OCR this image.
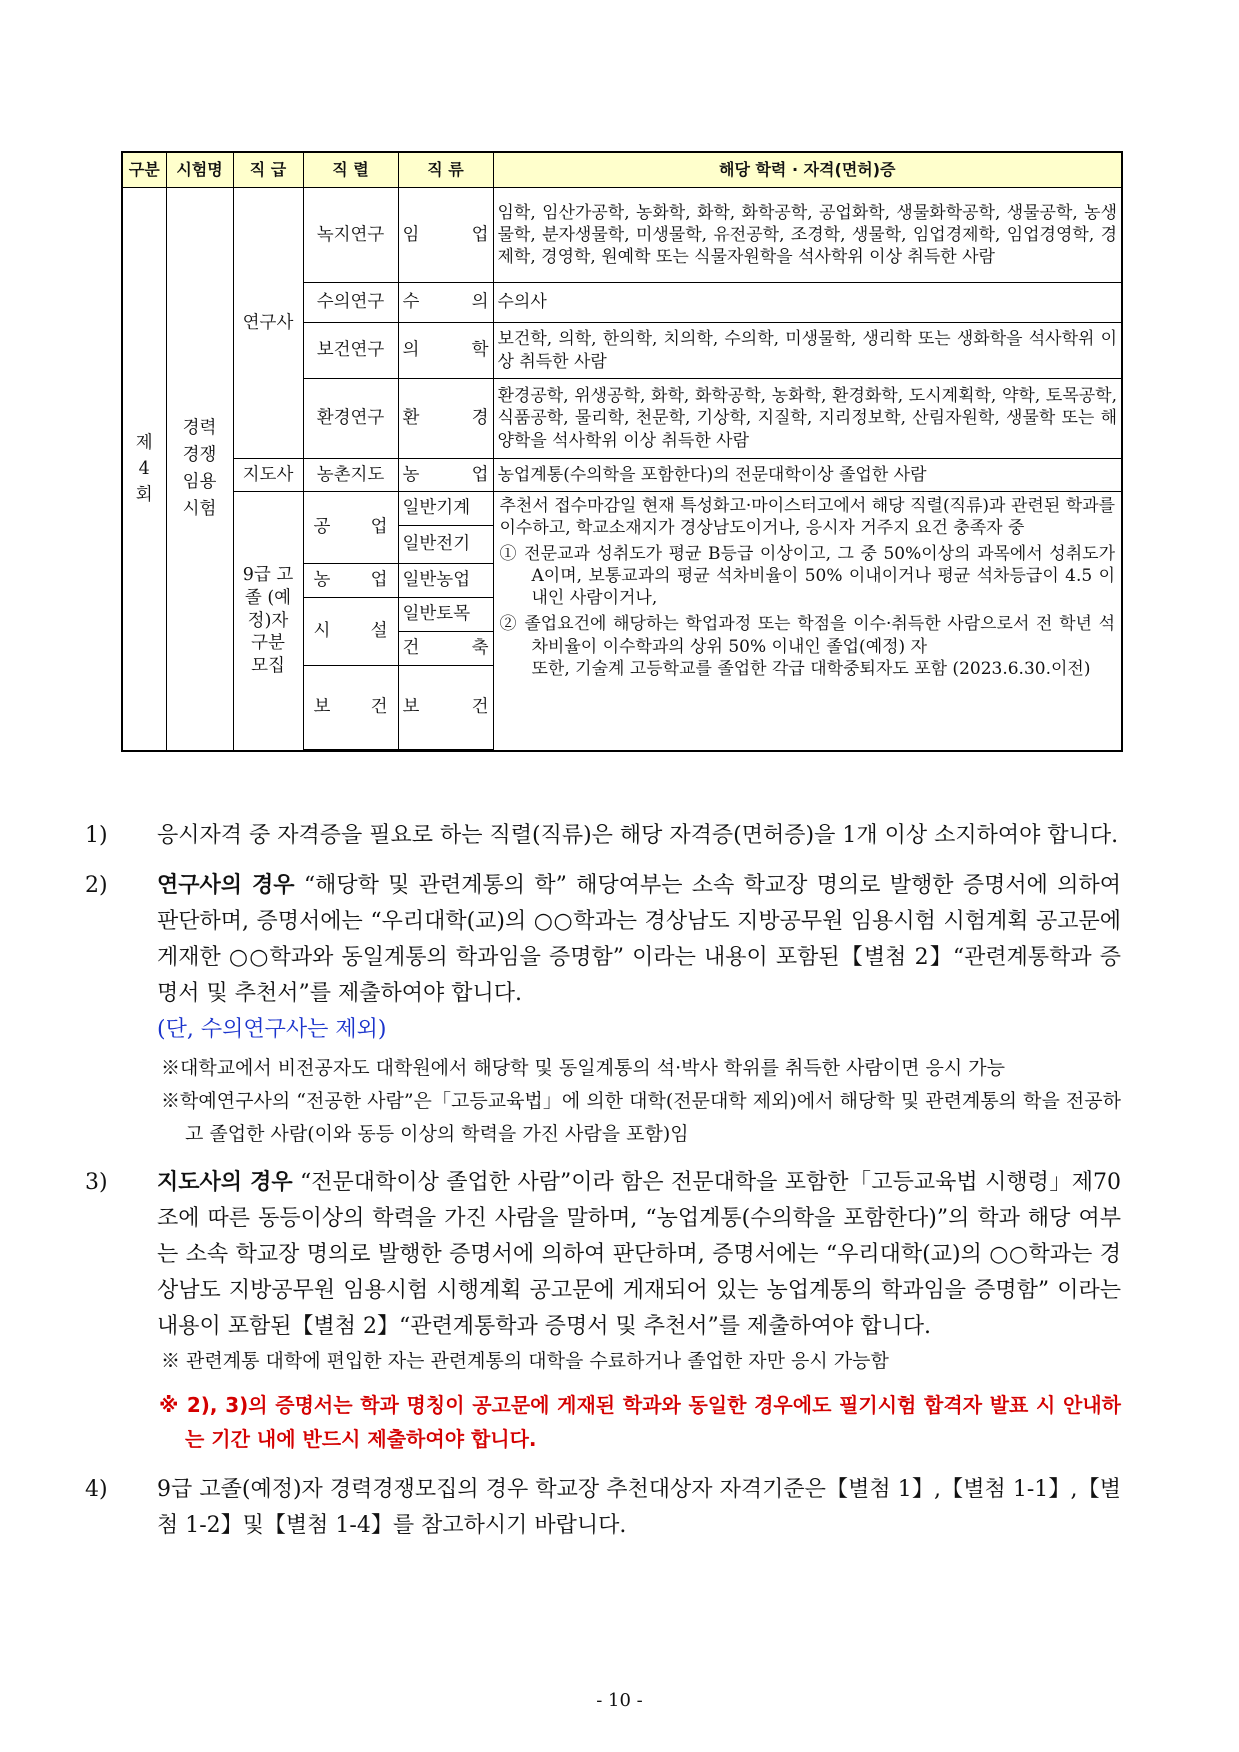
구분	시험명	직 급	직 렬	직 류	해당 학력 · 자격(면허)증

제 4 회	경력 경쟁 임용 시험	연구사	녹지연구	임 업	임학, 임산가공학, 농화학, 화학, 화학공학, 공업화학, 생물화학공학, 생물공학, 농생물학, 분자생물학, 미생물학, 유전공학, 조경학, 생물학, 임업경제학, 임업경영학, 경제학, 경영학, 원예학 또는 식물자원학을 석사학위 이상 취득한 사람
			수의연구	수 의	수의사
			보건연구	의 학	보건학, 의학, 한의학, 치의학, 수의학, 미생물학, 생리학 또는 생화학을 석사학위 이상 취득한 사람
			환경연구	환 경	환경공학, 위생공학, 화학, 화학공학, 농화학, 환경화학, 도시계획학, 약학, 토목공학, 식품공학, 물리학, 천문학, 기상학, 지질학, 지리정보학, 산림자원학, 생물학 또는 해양학을 석사학위 이상 취득한 사람
		지도사	농촌지도	농 업	농업계통(수의학을 포함한다)의 전문대학이상 졸업한 사람

		9급 고졸 (예정)자 구분 모집	공 업	일반기계	추천서 접수마감일 현재 특성화고·마이스터고에서 해당 직렬(직류)과 관련된 학과를 이수하고, 학교소재지가 경상남도이거나, 응시자 거주지 요건 충족자 중
① 전문교과 성취도가 평균 B등급 이상이고, 그 중 50%이상의 과목에서 성취도가 A이며, 보통교과의 평균 석차비율이 50% 이내이거나 평균 석차등급이 4.5 이내인 사람이거나,
② 졸업요건에 해당하는 학업과정 또는 학점을 이수·취득한 사람으로서 전 학년 석차비율이 이수학과의 상위 50% 이내인 졸업(예정) 자
또한, 기술계 고등학교를 졸업한 각급 대학중퇴자도 포함 (2023.6.30.이전)

				일반전기	
			농 업	일반농업	
			시 설	일반토목	
				건 축	
			보 건	보 건	

1) 응시자격 중 자격증을 필요로 하는 직렬(직류)은 해당 자격증(면허증)을 1개 이상 소지하여야 합니다.

2) 연구사의 경우 “해당학 및 관련계통의 학” 해당여부는 소속 학교장 명의로 발행한 증명서에 의하여 판단하며, 증명서에는 “우리대학(교)의 ○○학과는 경상남도 지방공무원 임용시험 시험계획 공고문에 게재한 ○○학과와 동일계통의 학과임을 증명함” 이라는 내용이 포함된【별첨 2】“관련계통학과 증명서 및 추천서”를 제출하여야 합니다.

(단, 수의연구사는 제외)

※대학교에서 비전공자도 대학원에서 해당학 및 동일계통의 석·박사 학위를 취득한 사람이면 응시 가능

※학예연구사의 “전공한 사람”은「고등교육법」에 의한 대학(전문대학 제외)에서 해당학 및 관련계통의 학을 전공하고 졸업한 사람(이와 동등 이상의 학력을 가진 사람을 포함)임

3) 지도사의 경우 “전문대학이상 졸업한 사람”이라 함은 전문대학을 포함한「고등교육법 시행령」제70조에 따른 동등이상의 학력을 가진 사람을 말하며, “농업계통(수의학을 포함한다)”의 학과 해당 여부는 소속 학교장 명의로 발행한 증명서에 의하여 판단하며, 증명서에는 “우리대학(교)의 ○○학과는 경상남도 지방공무원 임용시험 시행계획 공고문에 게재되어 있는 농업계통의 학과임을 증명함” 이라는 내용이 포함된【별첨 2】“관련계통학과 증명서 및 추천서”를 제출하여야 합니다.

※ 관련계통 대학에 편입한 자는 관련계통의 대학을 수료하거나 졸업한 자만 응시 가능함

※ 2), 3)의 증명서는 학과 명칭이 공고문에 게재된 학과와 동일한 경우에도 필기시험 합격자 발표 시 안내하는 기간 내에 반드시 제출하여야 합니다.

4) 9급 고졸(예정)자 경력경쟁모집의 경우 학교장 추천대상자 자격기준은【별첨 1】,【별첨 1-1】,【별첨 1-2】및【별첨 1-4】를 참고하시기 바랍니다.

- 10 -
